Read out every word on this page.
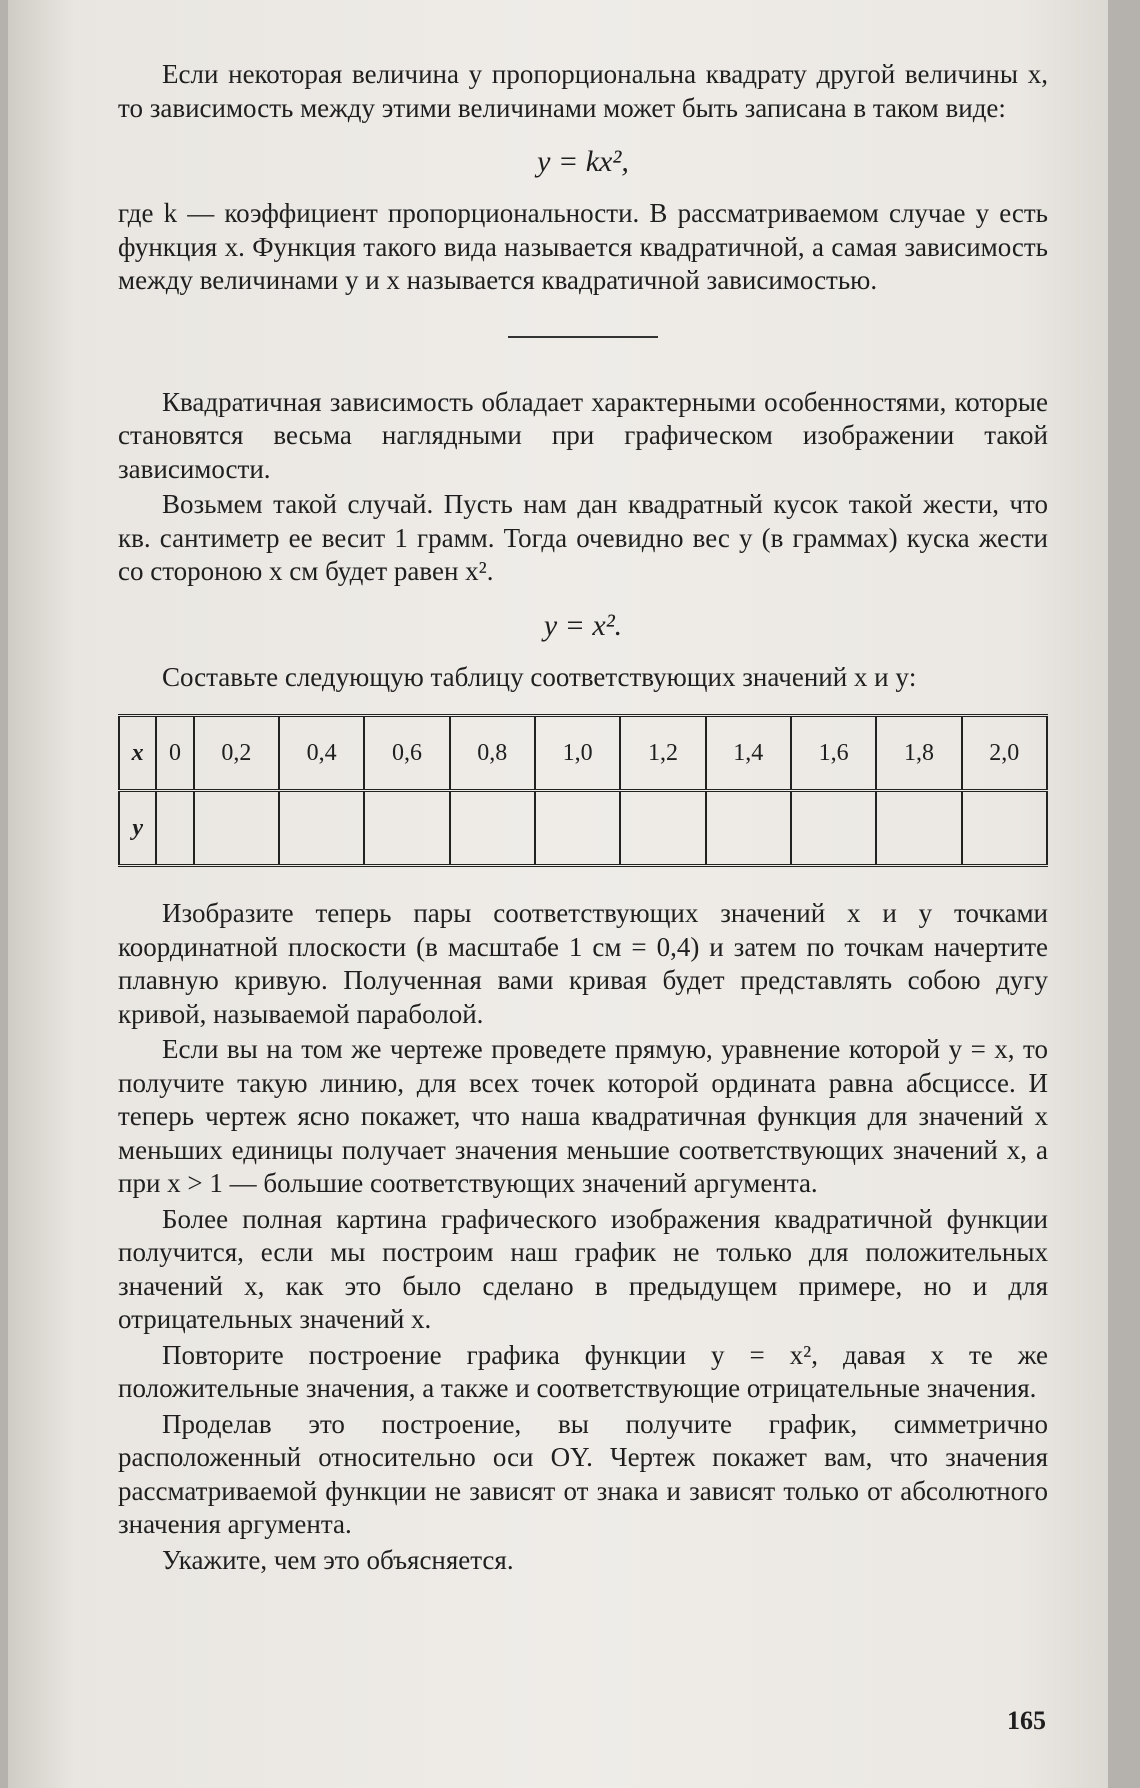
Если некоторая величина y пропорциональна квадрату другой величины x, то зависимость между этими величинами может быть записана в таком виде:

y = kx²,

где k — коэффициент пропорциональности. В рассматриваемом случае y есть функция x. Функция такого вида называется квадратичной, а самая зависимость между величинами y и x называется квадратичной зависимостью.

Квадратичная зависимость обладает характерными особенностями, которые становятся весьма наглядными при графическом изображении такой зависимости.

Возьмем такой случай. Пусть нам дан квадратный кусок такой жести, что кв. сантиметр ее весит 1 грамм. Тогда очевидно вес y (в граммах) куска жести со стороною x см будет равен x².

y = x².

Составьте следующую таблицу соответствующих значений x и y:

x	0	0,2	0,4	0,6	0,8	1,0	1,2	1,4	1,6	1,8	2,0
y											

Изобразите теперь пары соответствующих значений x и y точками координатной плоскости (в масштабе 1 см = 0,4) и затем по точкам начертите плавную кривую. Полученная вами кривая будет представлять собою дугу кривой, называемой параболой.

Если вы на том же чертеже проведете прямую, уравнение которой y = x, то получите такую линию, для всех точек которой ордината равна абсциссе. И теперь чертеж ясно покажет, что наша квадратичная функция для значений x меньших единицы получает значения меньшие соответствующих значений x, а при x > 1 — большие соответствующих значений аргумента.

Более полная картина графического изображения квадратичной функции получится, если мы построим наш график не только для положительных значений x, как это было сделано в предыдущем примере, но и для отрицательных значений x.

Повторите построение графика функции y = x², давая x те же положительные значения, а также и соответствующие отрицательные значения.

Проделав это построение, вы получите график, симметрично расположенный относительно оси OY. Чертеж покажет вам, что значения рассматриваемой функции не зависят от знака и зависят только от абсолютного значения аргумента.

Укажите, чем это объясняется.

165
